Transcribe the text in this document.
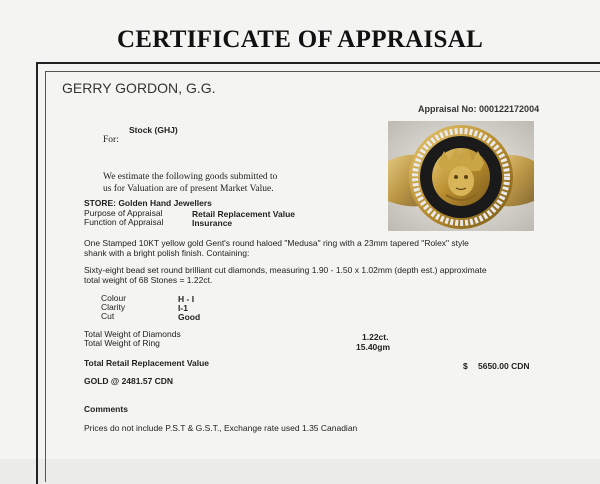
CERTIFICATE OF APPRAISAL
GERRY GORDON, G.G.
Appraisal No: 000122172004
Stock (GHJ)
For:
We estimate the following goods submitted to
us for Valuation are of present Market Value.
STORE: Golden Hand Jewellers
Purpose of Appraisal	Retail Replacement Value
Function of Appraisal	Insurance
One Stamped 10KT yellow gold Gent's round haloed "Medusa" ring with a 23mm tapered "Rolex" style
shank with a bright polish finish. Containing:
Sixty-eight bead set round brilliant cut diamonds, measuring 1.90 - 1.50 x 1.02mm (depth est.) approximate
total weight of 68 Stones = 1.22ct.
Colour	H - I
Clarity	I-1
Cut	Good
Total Weight of Diamonds	1.22ct.
Total Weight of Ring	15.40gm
Total Retail Replacement Value	$ 5650.00 CDN
GOLD @ 2481.57 CDN
Comments
Prices do not include P.S.T & G.S.T., Exchange rate used 1.35 Canadian
